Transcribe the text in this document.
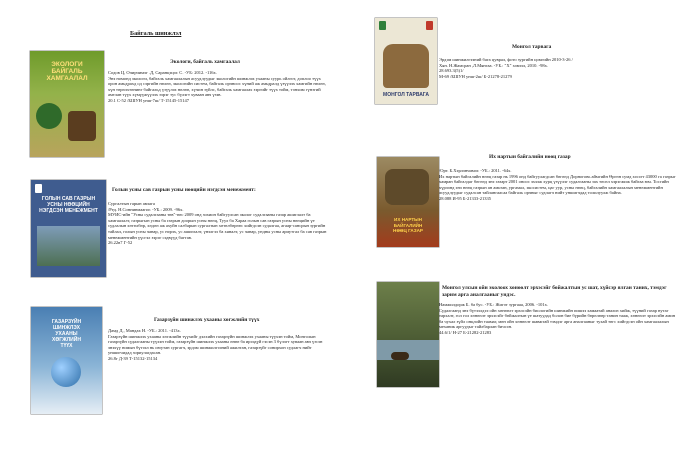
Байгаль шинжлэл
ЭКОЛОГИ
БАЙГАЛЬ
ХАМГААЛАЛ
Экологи, байгаль хамгаалал
Содов Ц, Очирчимэг .Д, Саранцэцэг. С. -УБ: 2012. -116х.
Энэ номонд экологи, байгаль хамгаалалын асуудлуудыг экологийн шинжлэх ухааны суурь ойлгот, доплоо түүх орон амьдрахд од сэргийн нөлөө, экологийн систем, байгаль орчноос хүний аж амьдралд үзүүлэх хамгийн нөлөө, хүн төрөлхтөнинг байгальд үзүүлэх нөлөө, хүчин зүйлс, байгаль хамгаалах зэргийг түүх тойм, тэнхим гүнзгий амтлан түүх хүмүүжүүлэх зэрэг тус бүлэгт хуваан авч үзэв.
20.1 С-52 /БШУН унш-7ш/ Т-15145-15147
ГОЛЫН САВ ГАЗРЫН
УСНЫ НӨӨЦИЙН
НЭГДСЭН МЕНЕЖМЕНТ
Голын усны сав газрын усны нөөцийн нэгдсэн менежмент:
Сургалтын гарын авлага
/Ред. Н.Соннинмаагиг. -УБ.: 2009. -96х.
МУИС-ийн "Усны судалгааны төв"-өөс 2009 онд зохион байгуулсан эколог судалгааны газар ашиглалт ба хамгаалалт, газрыгын усны ба газрын доорын усны нөөц, Туул ба Харaa голын сав газрын усны нөөцийн үе судлалын хөтөлбөр, хөдөө аж ахуйн салбарын сургалтын хөтөлбөрөөс хийгдсэн судалгаа, агаар-сансрын зургийн тайлал, голын усны чанар, ус нэрэх, ус ашиглалт, үнэлгээ ба хяналт, ус чанар, ундны усны ариутгал ба сав газрын менежментийн үүсгэл зэрэг сэдвүүд багтав.
26.22в7 Г-52
ГАЗАРЗҮЙН
ШИНЖЛЭХ
УХААНЫ
ХӨГЖЛИЙН
ТҮҮХ
Газарзүйн шинжлэх ухааны хөгжлийн түүх
Дамд Д., Мандах Н. -УБ.: 2011. -413х.
Газарзүйн шинжлэх ухааны хөгжлийн түүхийг дэлхийн газарзүйн шинжлэх ухааны түүхэн тойм, Монголын газарзүйн судалгааны түүхэн тойм, газарзүйн шинжлэх ухааны өнөө ба ирээдүй гэсэн 3 бүлэгт хуваан авч үзсэн энэхүү номын бүтээл нь оюутан сургагч, эрдэм шинжилгээний ажилтан, газарзүйг сонирхон судлагч нийт уншигчидад зориулагдасан.
26.8г Д-39 Т-15132-15134
МОНГОЛ ТАРВАГА
Монгол тарвага
Эрдэм шинжилгээний бага цуврал, фото зургийн цомгийн 2010-3-26 /
Хян. Н.Жамсран ,Л.Мянгаа. -УБ.: "Х" хэвлэл, 2010. -98х.
28.693.3(5)1/
М-69 /БШУН унш-2ш/ Б-21278-21279
ИХ НАРТЫН
БАЙГАЛИЙН
НӨӨЦ ГАЗАР
Их нартын байгалийн нөөц газар
/Орт. Б.Хэрлэнчимэг. -УБ.: 2011. -64х.
Их нартын байгалийн нөөц газар нь 1996 онд байгуулагдсан бөгөөд Дорноговь аймгийн Өргөн сумд хэсэгт 43000 га газрыг хамран байгалдаг бөгөөд энэ газарт 2001 оноос эхэлж хурц үзүүлэг судалгааны зах төсөл хэрэгжиж байгаа юм. Тосгийн хүрээнд энэ нөөц газрын ан амьтан, ургамал, экосистем, цаг уур, усны нөөц, байгалийн хамгаалалын менежментийн асуудлуудыг судалсан тайлангаасаа байгаль орчныг судлагч нийт уншигчдад толилуулж байна.
28.088 И-95 Б-21333-21335
Монгол улсын ойн эколоох хөнөөлт эрхэсэйг бөйжалтын ус шат, хүйсэр ялган таних, тэмдэг зарим арга аналгааныг ундэс.
Намжилдорж Б. ба бус. -УБ.: Жигэт зургааа, 2006. -101х.
Судалгаанд энэ бүтээлдээ ойн хөнөөлт эрхэсэйн биологийн шинжийн пишээ хамаатай анализ хийж, түүний газар нутаг тархалт, гол гол хөнөөлт эрхэсэйг бөйжалтын үе шатуудад болон бие бүрийн бөрөлөөр танин тааж, хөнөөлт эрхэсэйн амин ба чухал зүйл онцлойн таамаг, мөн ойн хөнөөлт шавжтай тэмдэг арга аналгааныг тухай төгс хийгдсэн ойн хамгаалалын механик аргуудыг тайлбарлан бичсэн.
44.6/1/ Н-27 Б-21282-21283
